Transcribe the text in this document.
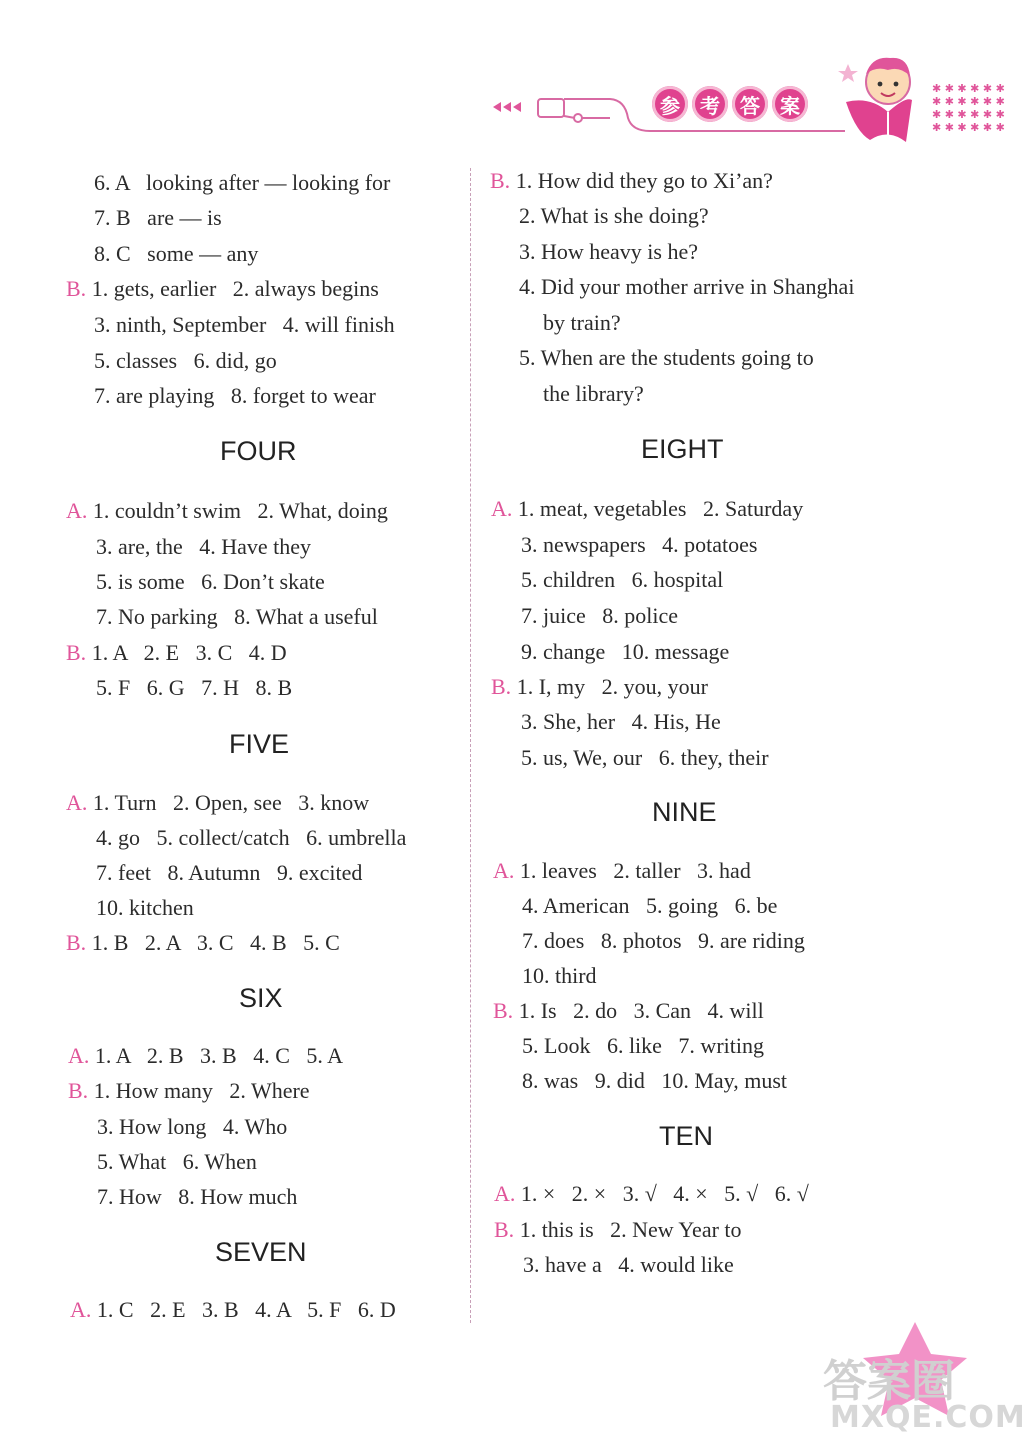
✱ ✱ ✱ ✱ ✱ ✱
✱ ✱ ✱ ✱ ✱ ✱
✱ ✱ ✱ ✱ ✱ ✱
✱ ✱ ✱ ✱ ✱ ✱
参	考	答	案
6. A   looking after — looking for
7. B   are — is
8. C   some — any
B. 1. gets, earlier   2. always begins
3. ninth, September   4. will finish
5. classes   6. did, go
7. are playing   8. forget to wear
FOUR
A. 1. couldn’t swim   2. What, doing
3. are, the   4. Have they
5. is some   6. Don’t skate
7. No parking   8. What a useful
B. 1. A   2. E   3. C   4. D
5. F   6. G   7. H   8. B
FIVE
A. 1. Turn   2. Open, see   3. know
4. go   5. collect/catch   6. umbrella
7. feet   8. Autumn   9. excited
10. kitchen
B. 1. B   2. A   3. C   4. B   5. C
SIX
A. 1. A   2. B   3. B   4. C   5. A
B. 1. How many   2. Where
3. How long   4. Who
5. What   6. When
7. How   8. How much
SEVEN
A. 1. C   2. E   3. B   4. A   5. F   6. D
B. 1. How did they go to Xi’an?
2. What is she doing?
3. How heavy is he?
4. Did your mother arrive in Shanghai
by train?
5. When are the students going to
the library?
EIGHT
A. 1. meat, vegetables   2. Saturday
3. newspapers   4. potatoes
5. children   6. hospital
7. juice   8. police
9. change   10. message
B. 1. I, my   2. you, your
3. She, her   4. His, He
5. us, We, our   6. they, their
NINE
A. 1. leaves   2. taller   3. had
4. American   5. going   6. be
7. does   8. photos   9. are riding
10. third
B. 1. Is   2. do   3. Can   4. will
5. Look   6. like   7. writing
8. was   9. did   10. May, must
TEN
A. 1. ×   2. ×   3. √   4. ×   5. √   6. √
B. 1. this is   2. New Year to
3. have a   4. would like
答案圈
MXQE.COM
